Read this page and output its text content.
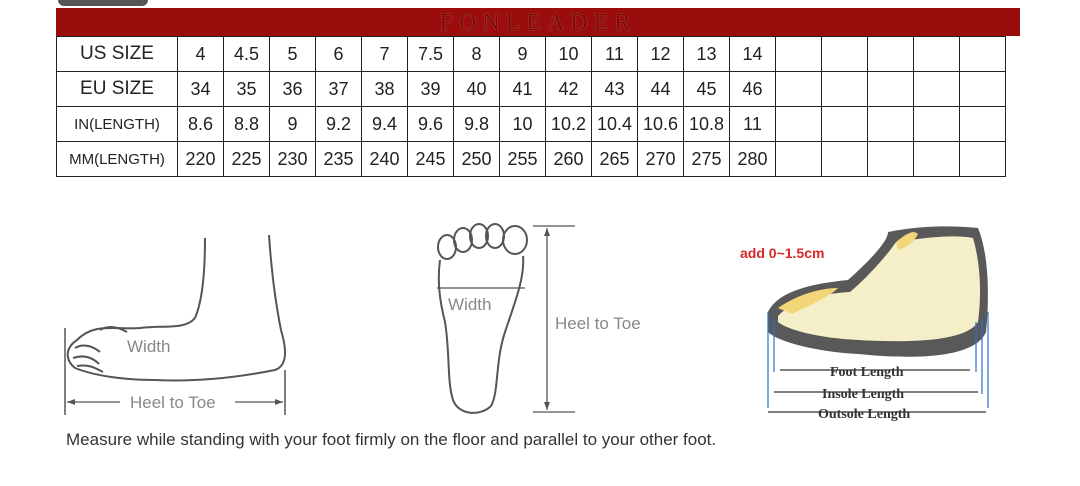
FONLEADER
US SIZE	4	4.5	5	6	7	7.5	8	9	10	11	12	13	14					
EU SIZE	34	35	36	37	38	39	40	41	42	43	44	45	46					
IN(LENGTH)	8.6	8.8	9	9.2	9.4	9.6	9.8	10	10.2	10.4	10.6	10.8	11					
MM(LENGTH)	220	225	230	235	240	245	250	255	260	265	270	275	280					
Width
Heel to Toe
Width
Heel to Toe
add 0~1.5cm
Foot Length
Insole Length
Outsole Length
Measure while standing with your foot firmly on the floor and parallel to your other foot.
